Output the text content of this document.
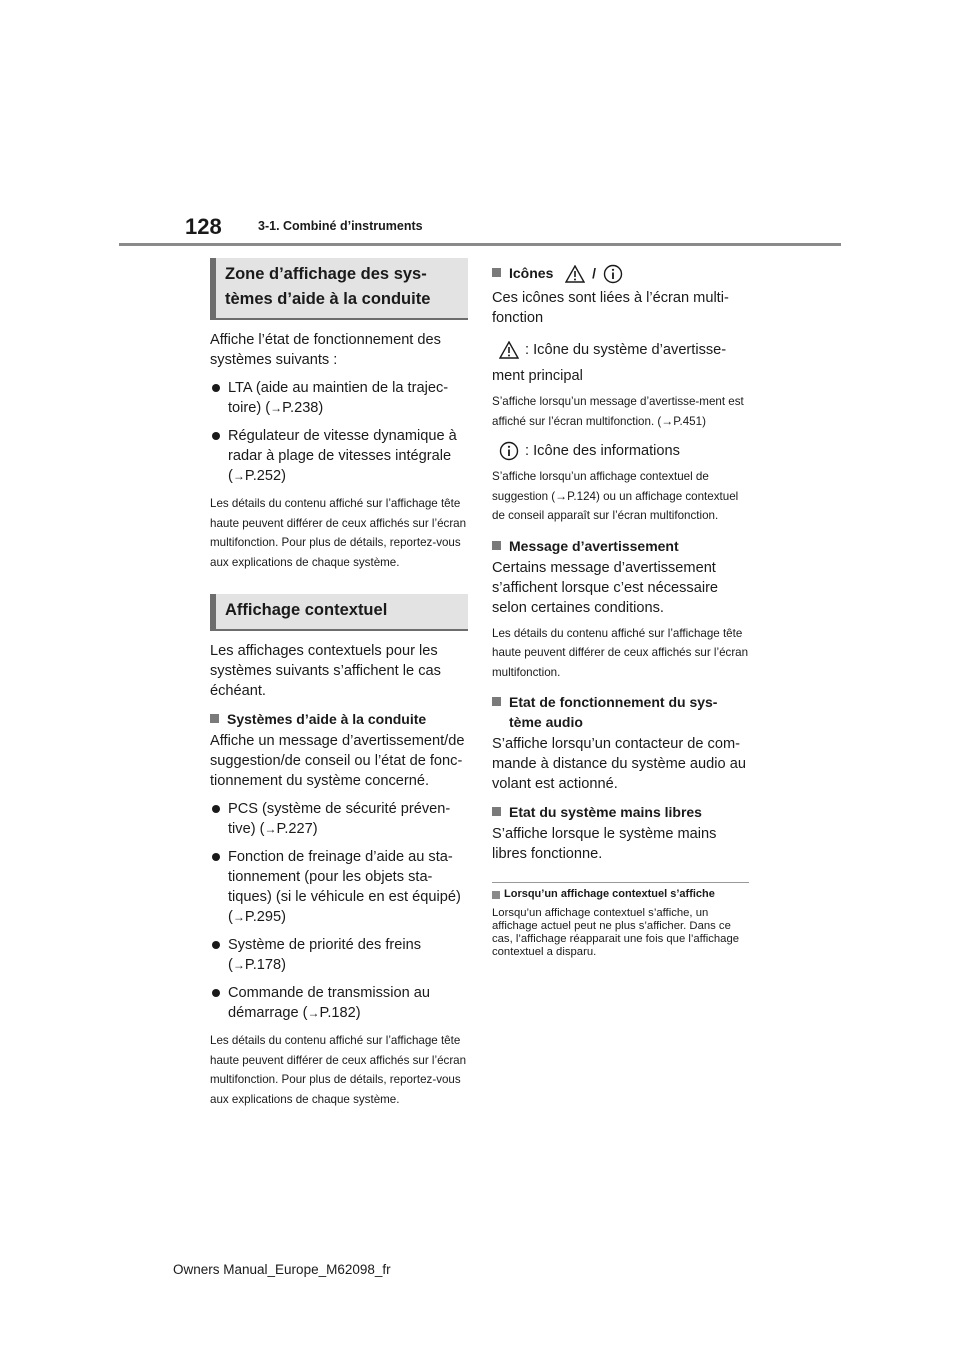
128	3-1. Combiné d’instruments
Zone d’affichage des sys-
tèmes d’aide à la conduite

Affiche l’état de fonctionnement des systèmes suivants :

LTA (aide au maintien de la trajec-toire) (→P.238)
Régulateur de vitesse dynamique à radar à plage de vitesses intégrale (→P.252)

Les détails du contenu affiché sur l’affichage tête haute peuvent différer de ceux affichés sur l’écran multifonction. Pour plus de détails, reportez-vous aux explications de chaque système.

Affichage contextuel

Les affichages contextuels pour les systèmes suivants s’affichent le cas échéant.

Systèmes d’aide à la conduite

Affiche un message d’avertissement/de suggestion/de conseil ou l’état de fonc-tionnement du système concerné.

PCS (système de sécurité préven-tive) (→P.227)
Fonction de freinage d’aide au sta-tionnement (pour les objets sta-tiques) (si le véhicule en est équipé) (→P.295)
Système de priorité des freins (→P.178)
Commande de transmission au démarrage (→P.182)

Les détails du contenu affiché sur l’affichage tête haute peuvent différer de ceux affichés sur l’écran multifonction. Pour plus de détails, reportez-vous aux explications de chaque système.

Icônes	/

Ces icônes sont liées à l’écran multi-fonction

: Icône du système d’avertisse-

ment principal

S’affiche lorsqu’un message d’avertisse-ment est affiché sur l’écran multifonction. (→P.451)

: Icône des informations

S’affiche lorsqu’un affichage contextuel de suggestion (→P.124) ou un affichage contextuel de conseil apparaît sur l’écran multifonction.

Message d’avertissement

Certains message d’avertissement s’affichent lorsque c’est nécessaire selon certaines conditions.

Les détails du contenu affiché sur l’affichage tête haute peuvent différer de ceux affichés sur l’écran multifonction.

Etat de fonctionnement du sys-tème audio

S’affiche lorsqu’un contacteur de com-mande à distance du système audio au volant est actionné.

Etat du système mains libres

S’affiche lorsque le système mains libres fonctionne.

Lorsqu’un affichage contextuel s’affiche

Lorsqu’un affichage contextuel s’affiche, un affichage actuel peut ne plus s’afficher. Dans ce cas, l’affichage réapparait une fois que l’affichage contextuel a disparu.

Owners Manual_Europe_M62098_fr
